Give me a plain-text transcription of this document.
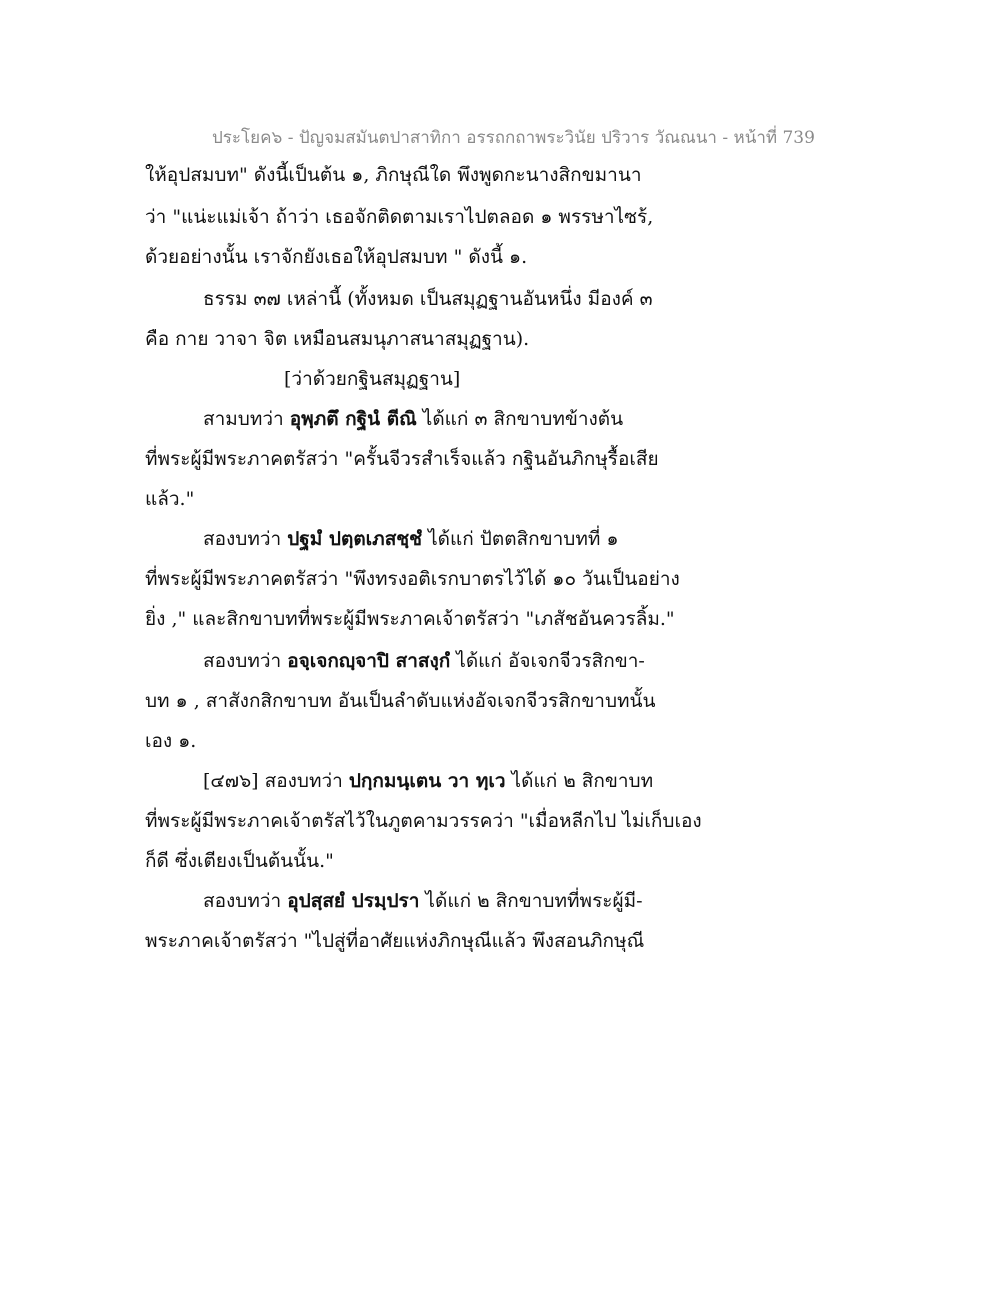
ประโยค๖ - ปัญจมสมันตปาสาทิกา อรรถกถาพระวินัย ปริวาร วัณณนา - หน้าที่ 739
ให้อุปสมบท" ดังนี้เป็นต้น ๑, ภิกษุณีใด พึงพูดกะนางสิกขมานา
ว่า "แน่ะแม่เจ้า ถ้าว่า เธอจักติดตามเราไปตลอด ๑ พรรษาไซร้,
ด้วยอย่างนั้น เราจักยังเธอให้อุปสมบท " ดังนี้ ๑.
ธรรม ๓๗ เหล่านี้ (ทั้งหมด เป็นสมุฏฐานอันหนึ่ง มีองค์ ๓
คือ กาย วาจา จิต เหมือนสมนุภาสนาสมุฏฐาน).
[ว่าด้วยกฐินสมุฏฐาน]
สามบทว่า อุพฺภตึ กฐินํ ตีณิ ได้แก่ ๓ สิกขาบทข้างต้น
ที่พระผู้มีพระภาคตรัสว่า "ครั้นจีวรสำเร็จแล้ว กฐินอันภิกษุรื้อเสีย
แล้ว."
สองบทว่า ปฐมํ ปตฺตเภสชฺชํ ได้แก่ ปัตตสิกขาบทที่ ๑
ที่พระผู้มีพระภาคตรัสว่า "พึงทรงอติเรกบาตรไว้ได้ ๑๐ วันเป็นอย่าง
ยิ่ง ," และสิกขาบทที่พระผู้มีพระภาคเจ้าตรัสว่า "เภสัชอันควรลิ้ม."
สองบทว่า อจฺเจกญฺจาปิ สาสงฺกํ ได้แก่ อัจเจกจีวรสิกขา-
บท ๑ , สาสังกสิกขาบท อันเป็นลำดับแห่งอัจเจกจีวรสิกขาบทนั้น
เอง ๑.
[๔๗๖] สองบทว่า ปกฺกมนฺเตน วา ทฺเว ได้แก่ ๒ สิกขาบท
ที่พระผู้มีพระภาคเจ้าตรัสไว้ในภูตคามวรรคว่า "เมื่อหลีกไป ไม่เก็บเอง
ก็ดี ซึ่งเตียงเป็นต้นนั้น."
สองบทว่า อุปสฺสยํ ปรมฺปรา ได้แก่ ๒ สิกขาบทที่พระผู้มี-
พระภาคเจ้าตรัสว่า "ไปสู่ที่อาศัยแห่งภิกษุณีแล้ว พึงสอนภิกษุณี
